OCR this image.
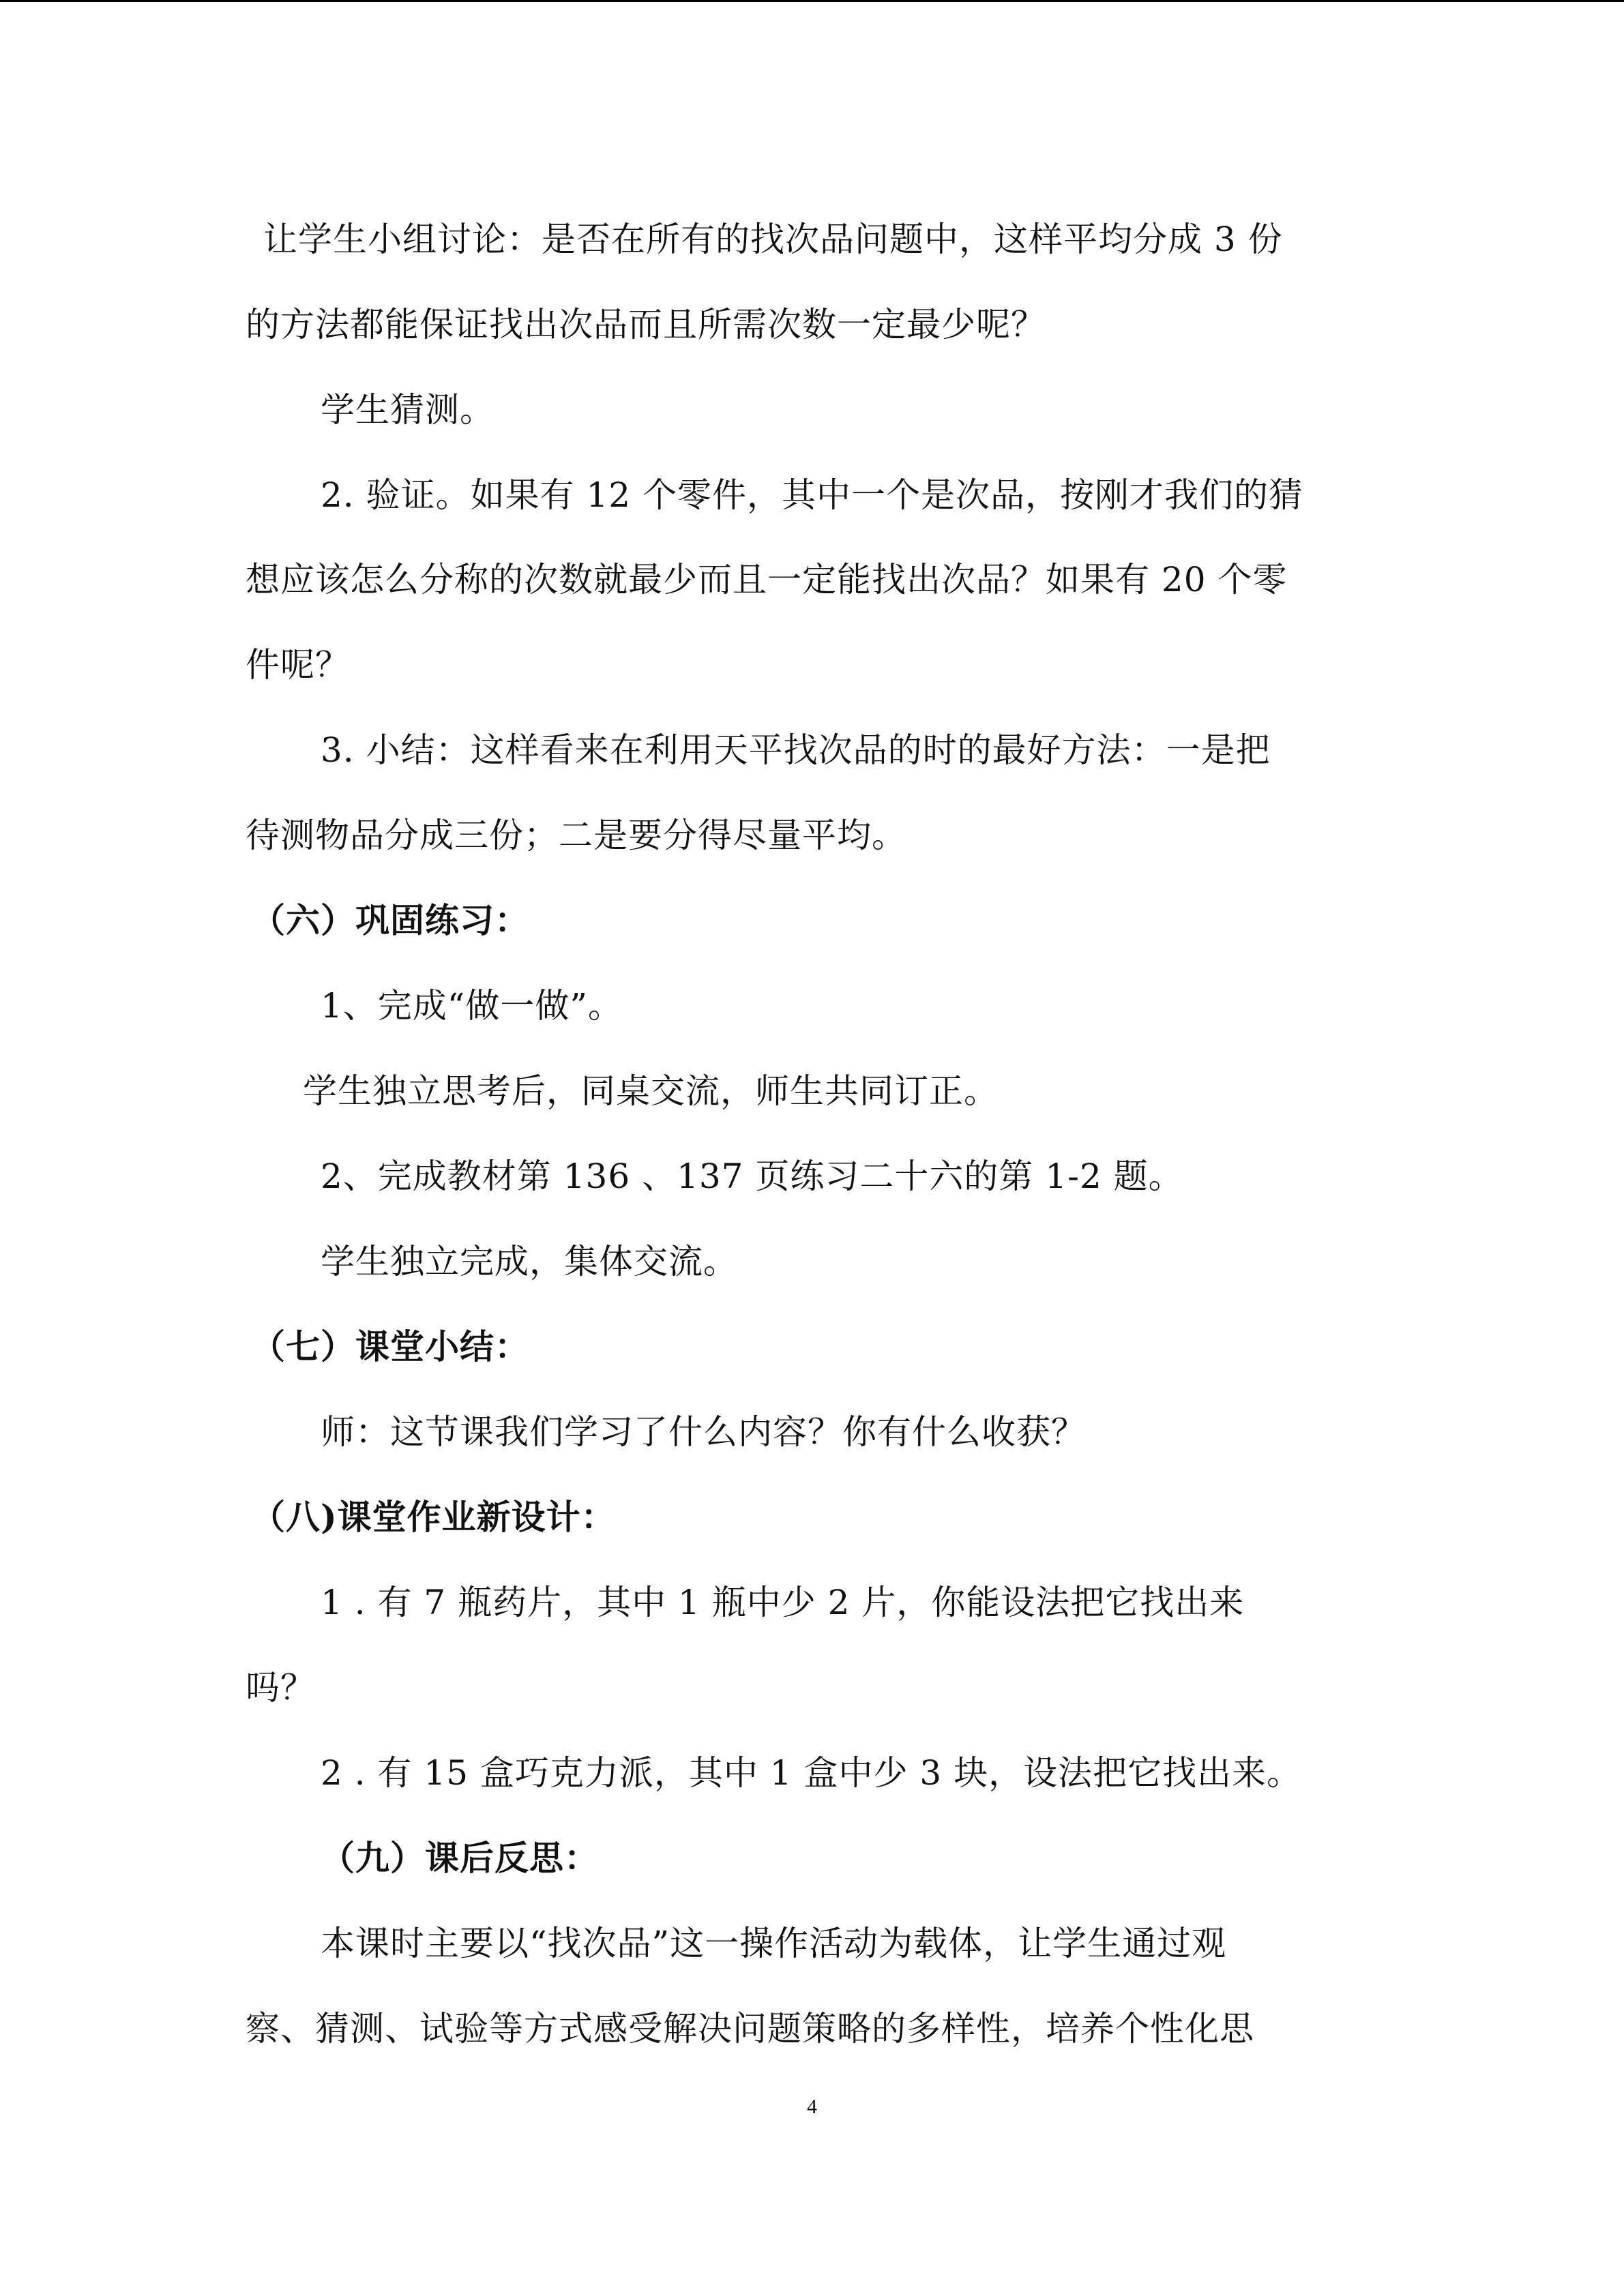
让学生小组讨论：是否在所有的找次品问题中，这样平均分成 3 份
的方法都能保证找出次品而且所需次数一定最少呢？
学生猜测。
2. 验证。如果有 12 个零件，其中一个是次品，按刚才我们的猜
想应该怎么分称的次数就最少而且一定能找出次品？如果有 20 个零
件呢？
3. 小结：这样看来在利用天平找次品的时的最好方法：一是把
待测物品分成三份；二是要分得尽量平均。
（六）巩固练习：
1、完成“做一做”。
学生独立思考后，同桌交流，师生共同订正。
2、完成教材第 136 、137 页练习二十六的第 1-2 题。
学生独立完成，集体交流。
（七）课堂小结：
师：这节课我们学习了什么内容？你有什么收获？
（八)课堂作业新设计：
1 . 有 7 瓶药片，其中 1 瓶中少 2 片，你能设法把它找出来
吗？
2 . 有 15 盒巧克力派，其中 1 盒中少 3 块，设法把它找出来。
（九）课后反思：
本课时主要以“找次品”这一操作活动为载体，让学生通过观
察、猜测、试验等方式感受解决问题策略的多样性，培养个性化思
4
